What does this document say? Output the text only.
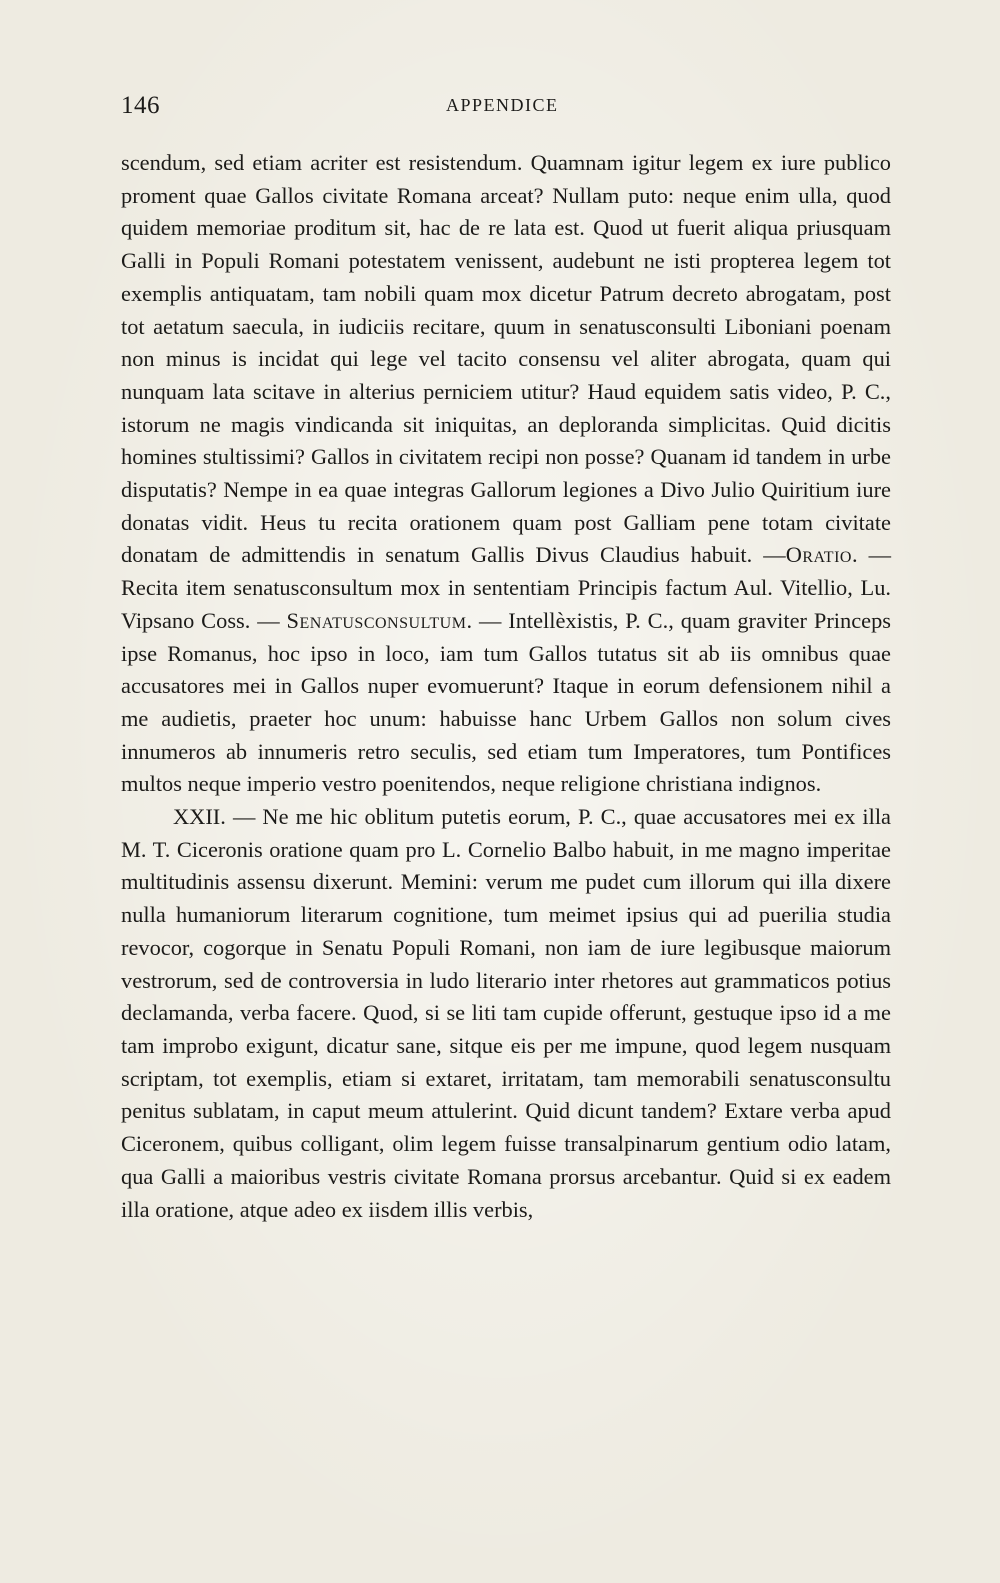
146	APPENDICE

scendum, sed etiam acriter est resistendum. Quamnam igitur legem ex iure publico proment quae Gallos civitate Romana arceat? Nullam puto: neque enim ulla, quod quidem memoriae proditum sit, hac de re lata est. Quod ut fuerit aliqua priusquam Galli in Populi Romani potestatem venissent, audebunt ne isti propterea legem tot exemplis antiquatam, tam nobili quam mox dicetur Patrum decreto abrogatam, post tot aetatum saecula, in iudiciis recitare, quum in senatusconsulti Liboniani poenam non minus is incidat qui lege vel tacito consensu vel aliter abrogata, quam qui nunquam lata scitave in alterius perniciem utitur? Haud equidem satis video, P. C., istorum ne magis vindicanda sit iniquitas, an deploranda simplicitas. Quid dicitis homines stultissimi? Gallos in civitatem recipi non posse? Quanam id tandem in urbe disputatis? Nempe in ea quae integras Gallorum legiones a Divo Julio Quiritium iure donatas vidit. Heus tu recita orationem quam post Galliam pene totam civitate donatam de admittendis in senatum Gallis Divus Claudius habuit. —Oratio. — Recita item senatusconsultum mox in sententiam Principis factum Aul. Vitellio, Lu. Vipsano Coss. — Senatusconsultum. — Intellèxistis, P. C., quam graviter Princeps ipse Romanus, hoc ipso in loco, iam tum Gallos tutatus sit ab iis omnibus quae accusatores mei in Gallos nuper evomuerunt? Itaque in eorum defensionem nihil a me audietis, praeter hoc unum: habuisse hanc Urbem Gallos non solum cives innumeros ab innumeris retro seculis, sed etiam tum Imperatores, tum Pontifices multos neque imperio vestro poenitendos, neque religione christiana indignos.

XXII. — Ne me hic oblitum putetis eorum, P. C., quae accusatores mei ex illa M. T. Ciceronis oratione quam pro L. Cornelio Balbo habuit, in me magno imperitae multitudinis assensu dixerunt. Memini: verum me pudet cum illorum qui illa dixere nulla humaniorum literarum cognitione, tum meimet ipsius qui ad puerilia studia revocor, cogorque in Senatu Populi Romani, non iam de iure legibusque maiorum vestrorum, sed de controversia in ludo literario inter rhetores aut grammaticos potius declamanda, verba facere. Quod, si se liti tam cupide offerunt, gestuque ipso id a me tam improbo exigunt, dicatur sane, sitque eis per me impune, quod legem nusquam scriptam, tot exemplis, etiam si extaret, irritatam, tam memorabili senatusconsultu penitus sublatam, in caput meum attulerint. Quid dicunt tandem? Extare verba apud Ciceronem, quibus colligant, olim legem fuisse transalpinarum gentium odio latam, qua Galli a maioribus vestris civitate Romana prorsus arcebantur. Quid si ex eadem illa oratione, atque adeo ex iisdem illis verbis,
